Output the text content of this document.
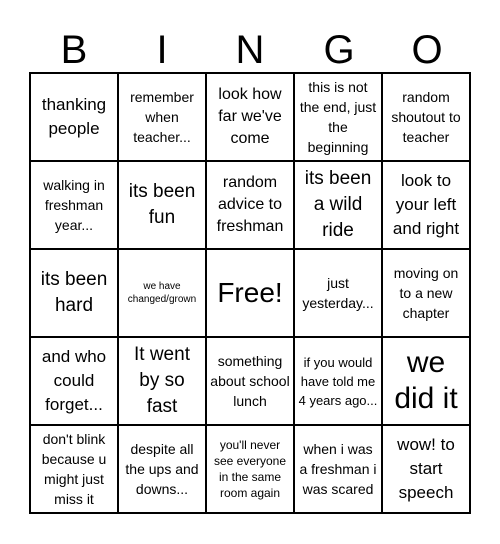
B	I	N	G	O
thanking people
remember when teacher...
look how far we've come
this is not the end, just the beginning
random shoutout to teacher
walking in freshman year...
its been fun
random advice to freshman
its been a wild ride
look to your left and right
its been hard
we have changed/grown Free!	just yesterday...
moving on to a new chapter
and who could forget...
It went by so fast
something about school lunch
if you would have told me 4 years ago...
we did it
don't blink because u might just miss it
despite all the ups and downs...
you'll never see everyone in the same room again
when i was a freshman i was scared
wow! to start speech
